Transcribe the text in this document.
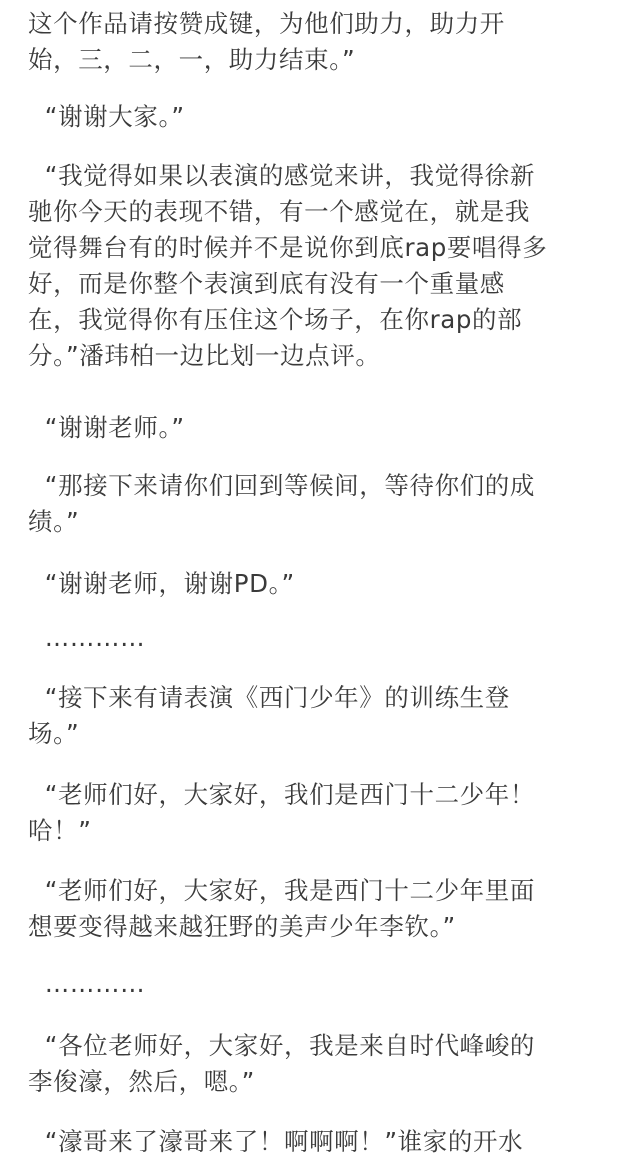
这个作品请按赞成键，为他们助力，助力开
始，三，二，一，助力结束。”

“谢谢大家。”

“我觉得如果以表演的感觉来讲，我觉得徐新
驰你今天的表现不错，有一个感觉在，就是我
觉得舞台有的时候并不是说你到底rap要唱得多
好，而是你整个表演到底有没有一个重量感
在，我觉得你有压住这个场子，在你rap的部
分。”潘玮柏一边比划一边点评。

“谢谢老师。”

“那接下来请你们回到等候间，等待你们的成
绩。”

“谢谢老师，谢谢PD。”

…………

“接下来有请表演《西门少年》的训练生登
场。”

“老师们好，大家好，我们是西门十二少年！
哈！”

“老师们好，大家好，我是西门十二少年里面
想要变得越来越狂野的美声少年李钦。”

…………

“各位老师好，大家好，我是来自时代峰峻的
李俊濠，然后，嗯。”

“濠哥来了濠哥来了！啊啊啊！”谁家的开水
